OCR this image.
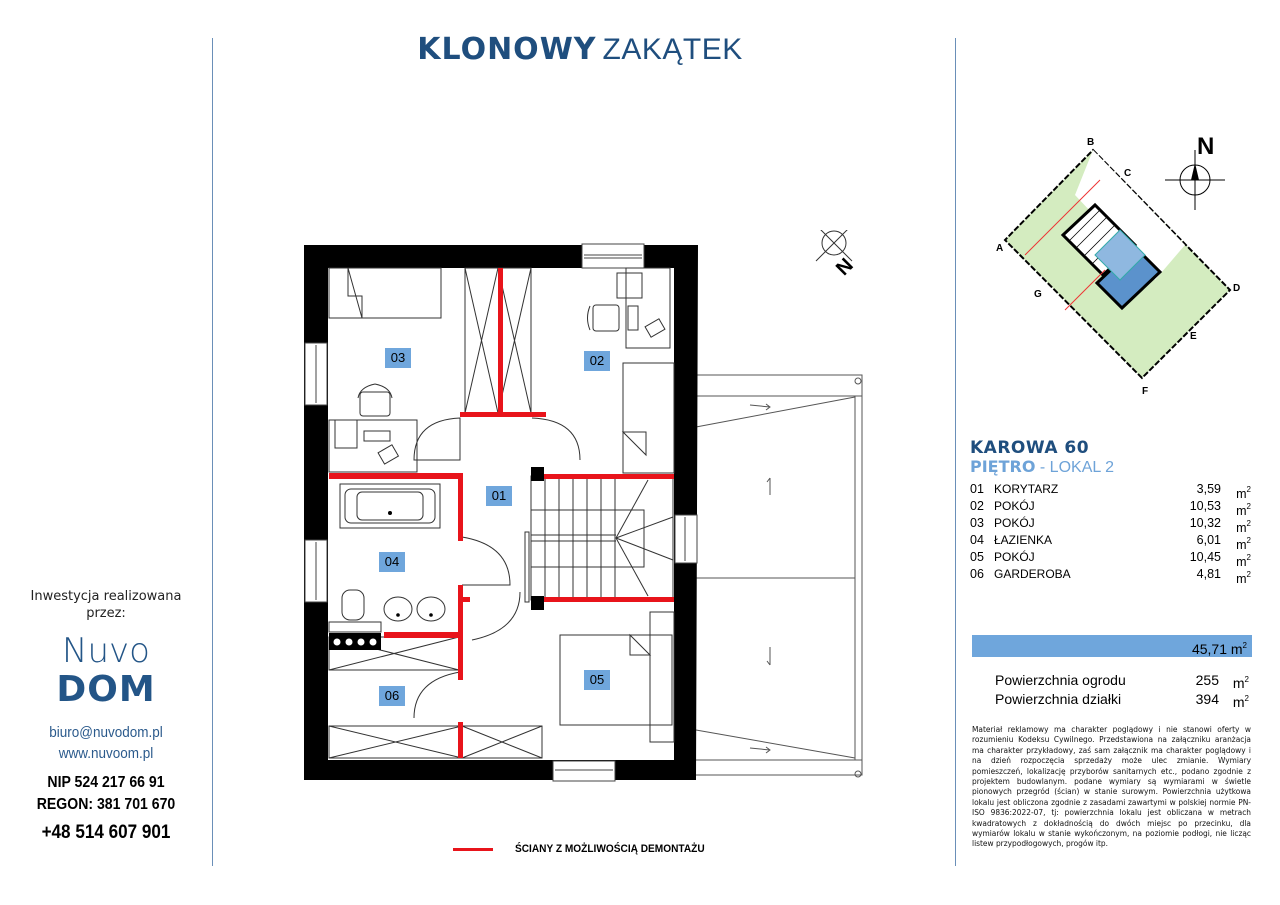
KLONOWY ZAKĄTEK
Inwestycja realizowana przez:
Nuvo
DOM
biuro@nuvodom.pl
www.nuvoom.pl
NIP 524 217 66 91
REGON: 381 701 670
+48 514 607 901
03	02
01
04
05
06
N
ŚCIANY Z MOŻLIWOŚCIĄ DEMONTAŻU
N
B
C
A
D
G
E
F
KAROWA 60
PIĘTRO - LOKAL 2
01 KORYTARZ	3,59	$m^2$
02 POKÓJ	10,53	$m^2$
03 POKÓJ	10,32	$m^2$
04 ŁAZIENKA	6,01	$m^2$
05 POKÓJ	10,45	$m^2$
06 GARDEROBA	4,81	$m^2$
45,71 $m^2$
Powierzchnia ogrodu	255 $m^2$
Powierzchnia działki	394 $m^2$
Materiał reklamowy ma charakter poglądowy i nie stanowi oferty w rozumieniu Kodeksu Cywilnego. Przedstawiona na załączniku aranżacja ma charakter przykładowy, zaś sam załącznik ma charakter poglądowy i na dzień rozpoczęcia sprzedaży może ulec zmianie. Wymiary pomieszczeń, lokalizację przyborów sanitarnych etc., podano zgodnie z projektem budowlanym. podane wymiary są wymiarami w świetle pionowych przegród (ścian) w stanie surowym. Powierzchnia użytkowa lokalu jest obliczona zgodnie z zasadami zawartymi w polskiej normie PN-ISO 9836:2022-07, tj: powierzchnia lokalu jest obliczana w metrach kwadratowych z dokładnością do dwóch miejsc po przecinku, dla wymiarów lokalu w stanie wykończonym, na poziomie podłogi, nie licząc listew przypodłogowych, progów itp.
